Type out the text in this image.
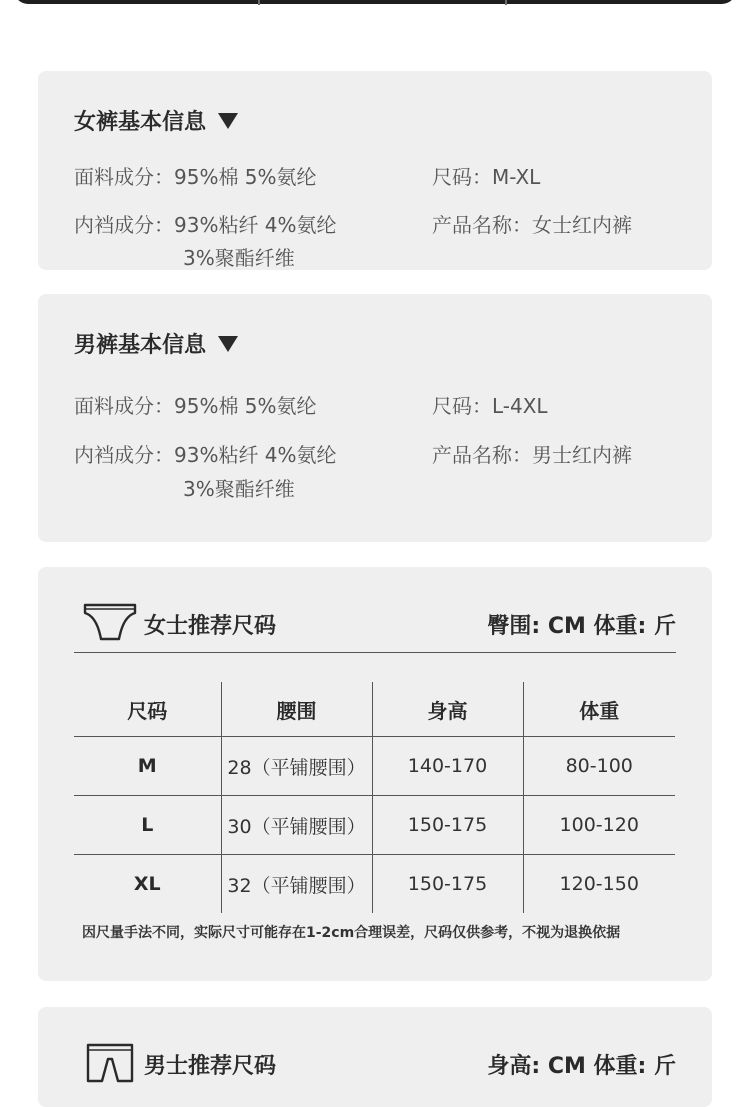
女裤基本信息
面料成分：95%棉 5%氨纶	尺码：M-XL
内裆成分：93%粘纤 4%氨纶
3%聚酯纤维
产品名称：女士红内裤
男裤基本信息
面料成分：95%棉 5%氨纶	尺码：L-4XL
内裆成分：93%粘纤 4%氨纶
3%聚酯纤维
产品名称：男士红内裤
女士推荐尺码	臀围: CM 体重: 斤
尺码	腰围	身高	体重
M	28（平铺腰围）	140-170	80-100
L	30（平铺腰围）	150-175	100-120
XL	32（平铺腰围）	150-175	120-150
因尺量手法不同，实际尺寸可能存在1-2cm合理误差，尺码仅供参考，不视为退换依据
男士推荐尺码	身高: CM 体重: 斤
